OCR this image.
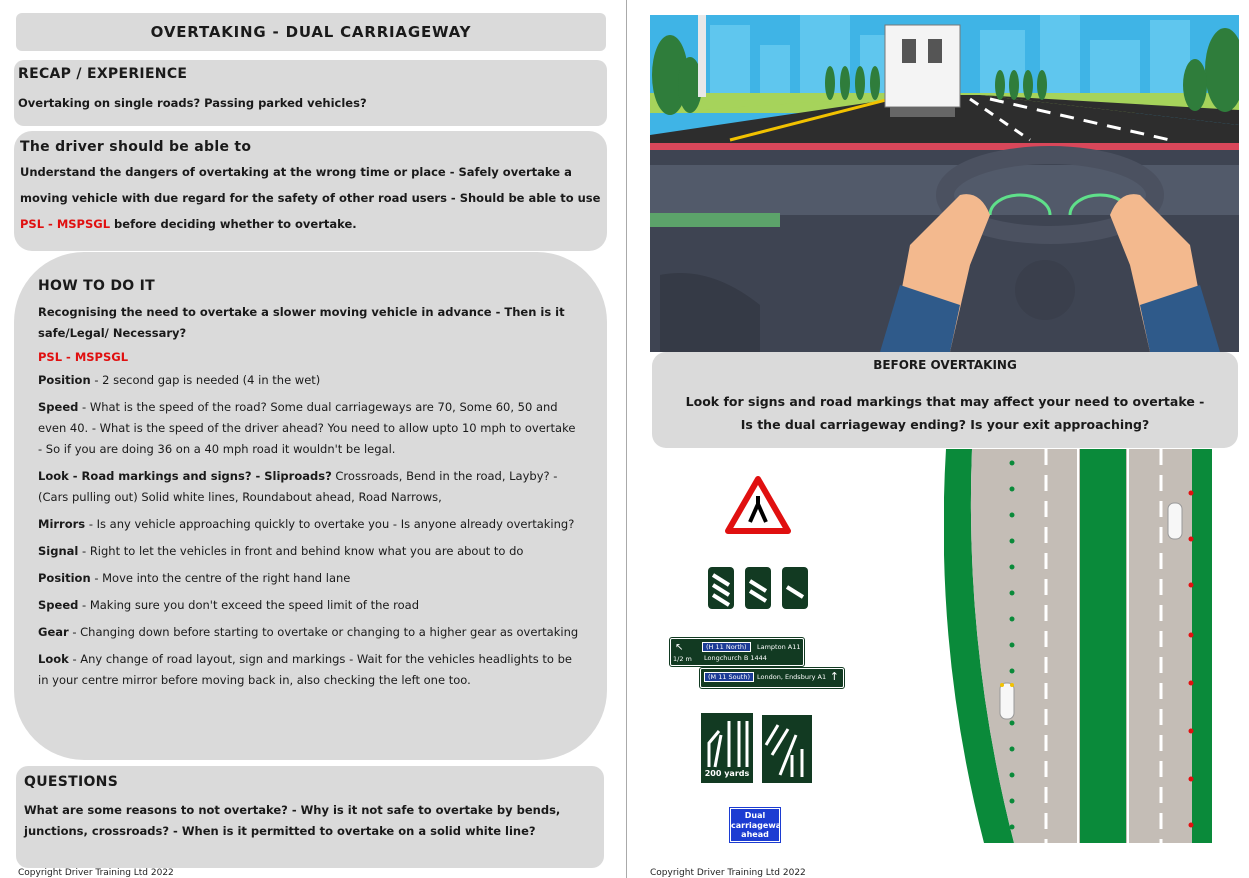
OVERTAKING - DUAL CARRIAGEWAY
RECAP / EXPERIENCE
Overtaking on single roads? Passing parked vehicles?
The driver should be able to
Understand the dangers of overtaking at the wrong time or place - Safely overtake a moving vehicle with due regard for the safety of other road users - Should be able to use PSL - MSPSGL before deciding whether to overtake.
HOW TO DO IT
Recognising the need to overtake a slower moving vehicle in advance - Then is it safe/Legal/ Necessary?
PSL - MSPSGL
Position - 2 second gap is needed (4 in the wet)
Speed - What is the speed of the road? Some dual carriageways are 70, Some 60, 50 and even 40. - What is the speed of the driver ahead? You need to allow upto 10 mph to overtake - So if you are doing 36 on a 40 mph road it wouldn't be legal.
Look - Road markings and signs? - Sliproads? Crossroads, Bend in the road, Layby? - (Cars pulling out) Solid white lines, Roundabout ahead, Road Narrows,
Mirrors - Is any vehicle approaching quickly to overtake you - Is anyone already overtaking?
Signal - Right to let the vehicles in front and behind know what you are about to do
Position - Move into the centre of the right hand lane
Speed - Making sure you don't exceed the speed limit of the road
Gear - Changing down before starting to overtake or changing to a higher gear as overtaking
Look - Any change of road layout, sign and markings - Wait for the vehicles headlights to be in your centre mirror before moving back in, also checking the left one too.
QUESTIONS
What are some reasons to not overtake? - Why is it not safe to overtake by bends, junctions, crossroads? - When is it permitted to overtake on a solid white line?
Copyright Driver Training Ltd 2022
BEFORE OVERTAKING
Look for signs and road markings that may affect your need to overtake -
Is the dual carriageway ending? Is your exit approaching?
↖	(H 11 North)	Lampton A11
1/2 m Longchurch B 1444
(M 11 South)	London, Endsbury A1 ↑
200 yards
Dual
carriageway
ahead
Copyright Driver Training Ltd 2022
